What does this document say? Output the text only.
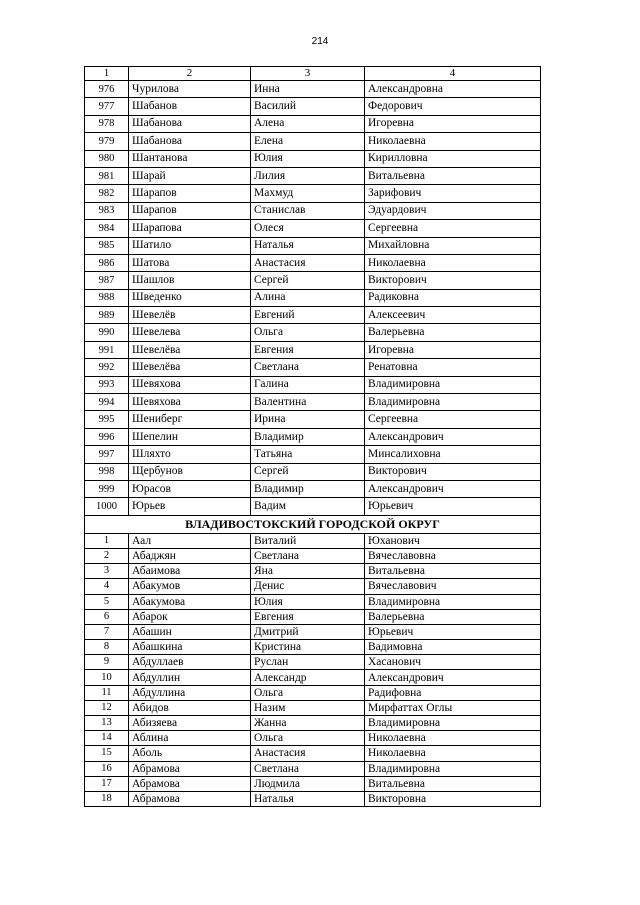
214
1	2	3	4
976	Чурилова	Инна	Александровна
977	Шабанов	Василий	Федорович
978	Шабанова	Алена	Игоревна
979	Шабанова	Елена	Николаевна
980	Шантанова	Юлия	Кирилловна
981	Шарай	Лилия	Витальевна
982	Шарапов	Махмуд	Зарифович
983	Шарапов	Станислав	Эдуардович
984	Шарапова	Олеся	Сергеевна
985	Шатило	Наталья	Михайловна
986	Шатова	Анастасия	Николаевна
987	Шашлов	Сергей	Викторович
988	Шведенко	Алина	Радиковна
989	Шевелёв	Евгений	Алексеевич
990	Шевелева	Ольга	Валерьевна
991	Шевелёва	Евгения	Игоревна
992	Шевелёва	Светлана	Ренатовна
993	Шевяхова	Галина	Владимировна
994	Шевяхова	Валентина	Владимировна
995	Шениберг	Ирина	Сергеевна
996	Шепелин	Владимир	Александрович
997	Шляхто	Татьяна	Минсалиховна
998	Щербунов	Сергей	Викторович
999	Юрасов	Владимир	Александрович
1000	Юрьев	Вадим	Юрьевич
ВЛАДИВОСТОКСКИЙ ГОРОДСКОЙ ОКРУГ			
1	Аал	Виталий	Юханович
2	Абаджян	Светлана	Вячеславовна
3	Абаимова	Яна	Витальевна
4	Абакумов	Денис	Вячеславович
5	Абакумова	Юлия	Владимировна
6	Абарок	Евгения	Валерьевна
7	Абашин	Дмитрий	Юрьевич
8	Абашкина	Кристина	Вадимовна
9	Абдуллаев	Руслан	Хасанович
10	Абдуллин	Александр	Александрович
11	Абдуллина	Ольга	Радифовна
12	Абидов	Назим	Мирфаттах Оглы
13	Абизяева	Жанна	Владимировна
14	Аблина	Ольга	Николаевна
15	Аболь	Анастасия	Николаевна
16	Абрамова	Светлана	Владимировна
17	Абрамова	Людмила	Витальевна
18	Абрамова	Наталья	Викторовна
